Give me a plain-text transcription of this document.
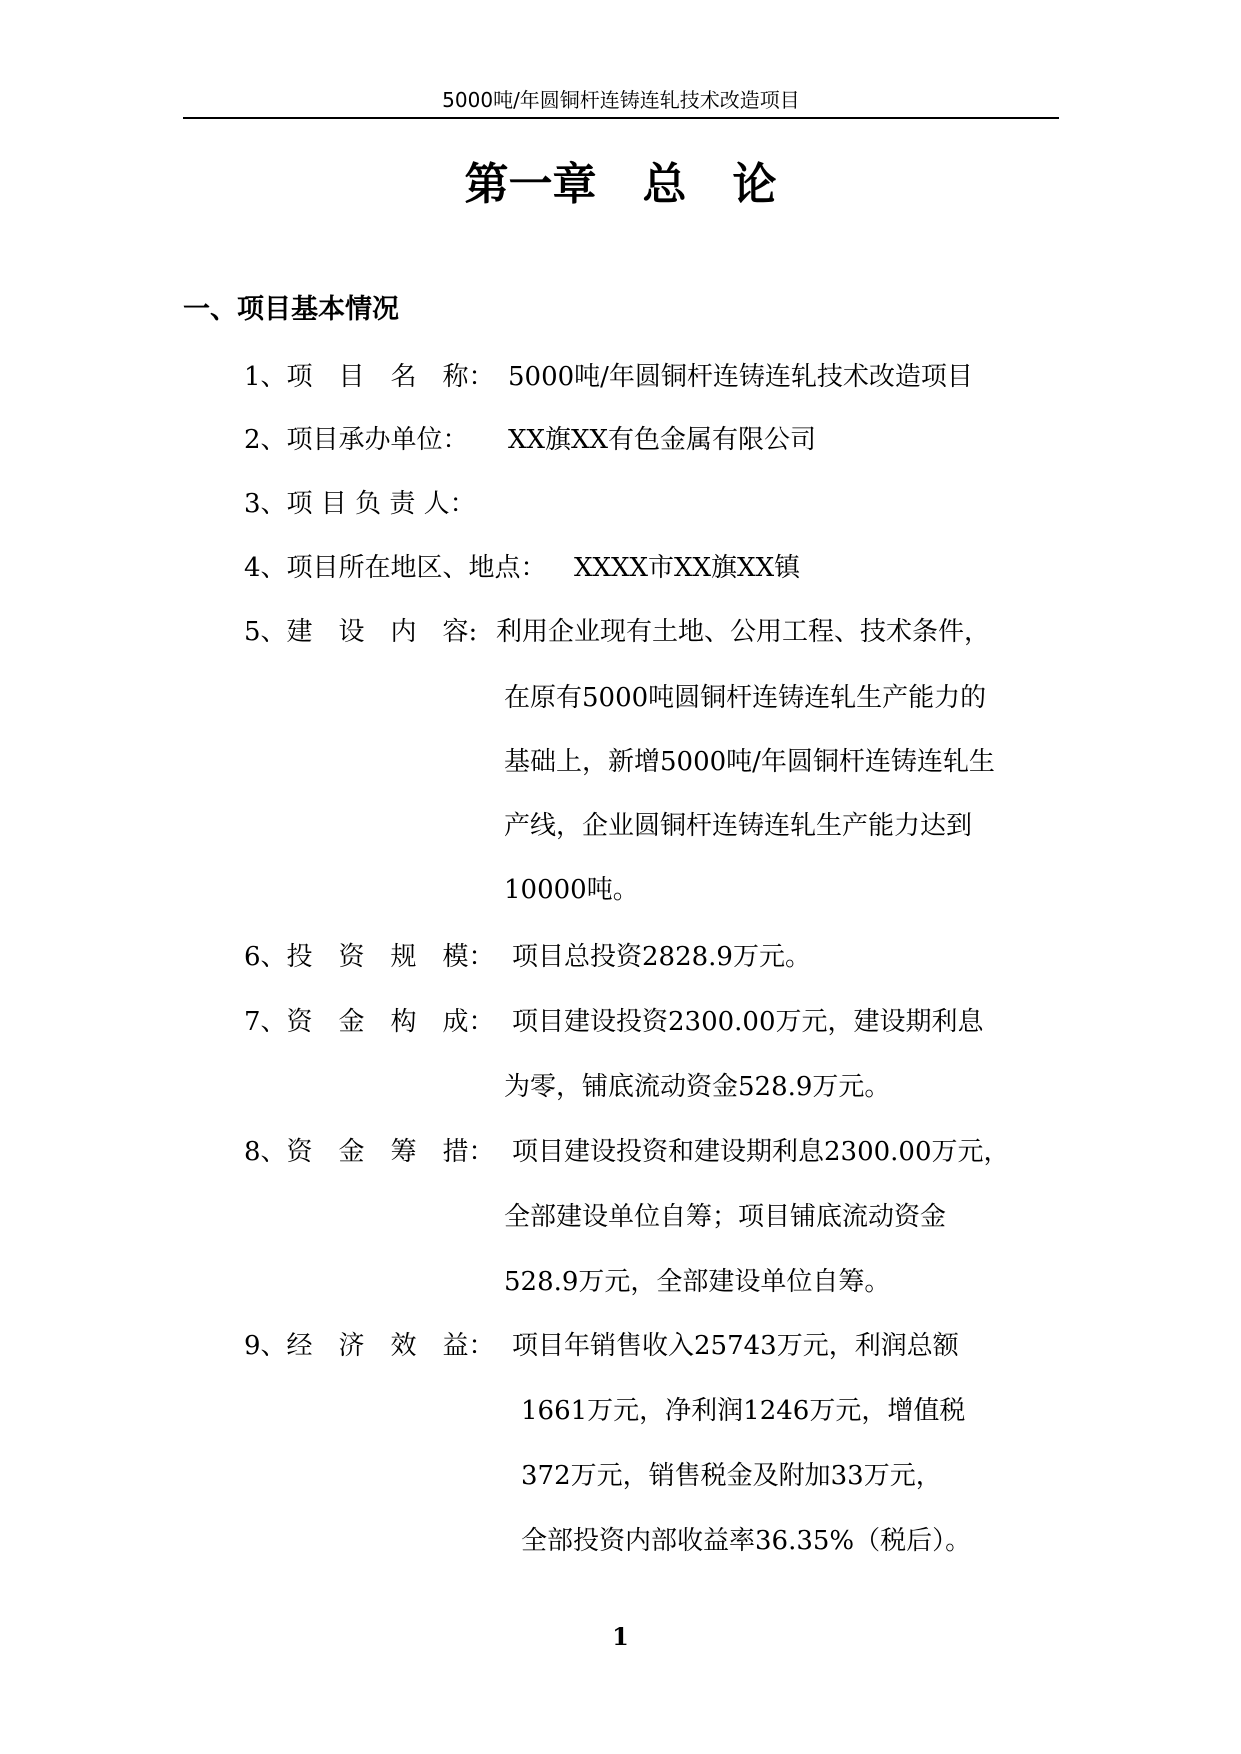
5000吨/年圆铜杆连铸连轧技术改造项目
第一章   总   论
一、项目基本情况
1、项　目　名　称： 5000吨/年圆铜杆连铸连轧技术改造项目
2、项目承办单位： XX旗XX有色金属有限公司
3、项 目 负 责 人：
4、项目所在地区、地点： XXXX市XX旗XX镇
5、建　设　内　容: 利用企业现有土地、公用工程、技术条件，
在原有5000吨圆铜杆连铸连轧生产能力的
基础上，新增5000吨/年圆铜杆连铸连轧生
产线，企业圆铜杆连铸连轧生产能力达到
10000吨。
6、投　资　规　模： 项目总投资2828.9万元。
7、资　金　构　成： 项目建设投资2300.00万元，建设期利息
为零，铺底流动资金528.9万元。
8、资　金　筹　措： 项目建设投资和建设期利息2300.00万元，
全部建设单位自筹；项目铺底流动资金
528.9万元，全部建设单位自筹。
9、经　济　效　益： 项目年销售收入25743万元，利润总额
1661万元，净利润1246万元，增值税
372万元，销售税金及附加33万元，
全部投资内部收益率36.35%（税后）。
1
